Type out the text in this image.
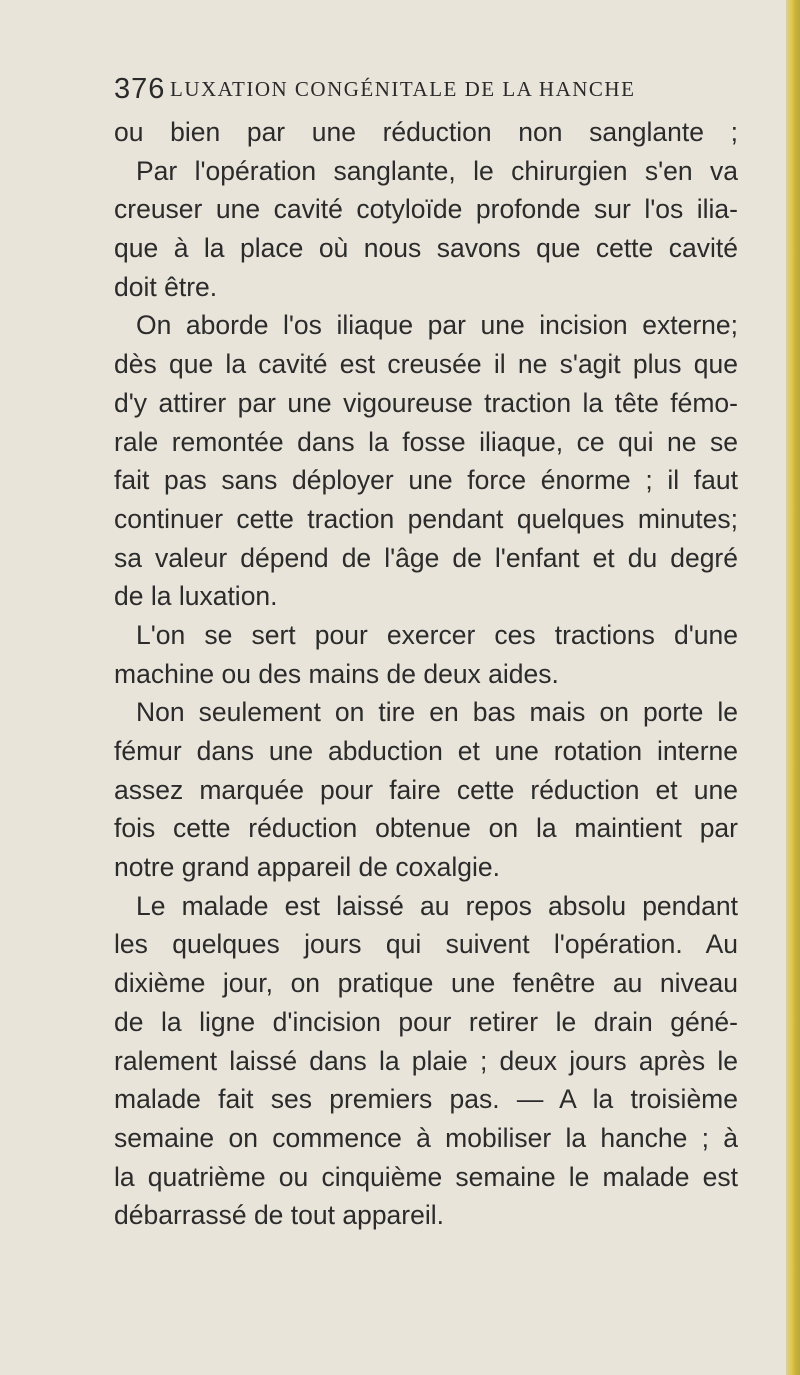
376 LUXATION CONGÉNITALE DE LA HANCHE
ou bien par une réduction non sanglante ;
Par l'opération sanglante, le chirurgien s'en va
creuser une cavité cotyloïde profonde sur l'os ilia-
que à la place où nous savons que cette cavité
doit être.
On aborde l'os iliaque par une incision externe;
dès que la cavité est creusée il ne s'agit plus que
d'y attirer par une vigoureuse traction la tête fémo-
rale remontée dans la fosse iliaque, ce qui ne se
fait pas sans déployer une force énorme ; il faut
continuer cette traction pendant quelques minutes;
sa valeur dépend de l'âge de l'enfant et du degré
de la luxation.
L'on se sert pour exercer ces tractions d'une
machine ou des mains de deux aides.
Non seulement on tire en bas mais on porte le
fémur dans une abduction et une rotation interne
assez marquée pour faire cette réduction et une
fois cette réduction obtenue on la maintient par
notre grand appareil de coxalgie.
Le malade est laissé au repos absolu pendant
les quelques jours qui suivent l'opération. Au
dixième jour, on pratique une fenêtre au niveau
de la ligne d'incision pour retirer le drain géné-
ralement laissé dans la plaie ; deux jours après le
malade fait ses premiers pas. — A la troisième
semaine on commence à mobiliser la hanche ; à
la quatrième ou cinquième semaine le malade est
débarrassé de tout appareil.
